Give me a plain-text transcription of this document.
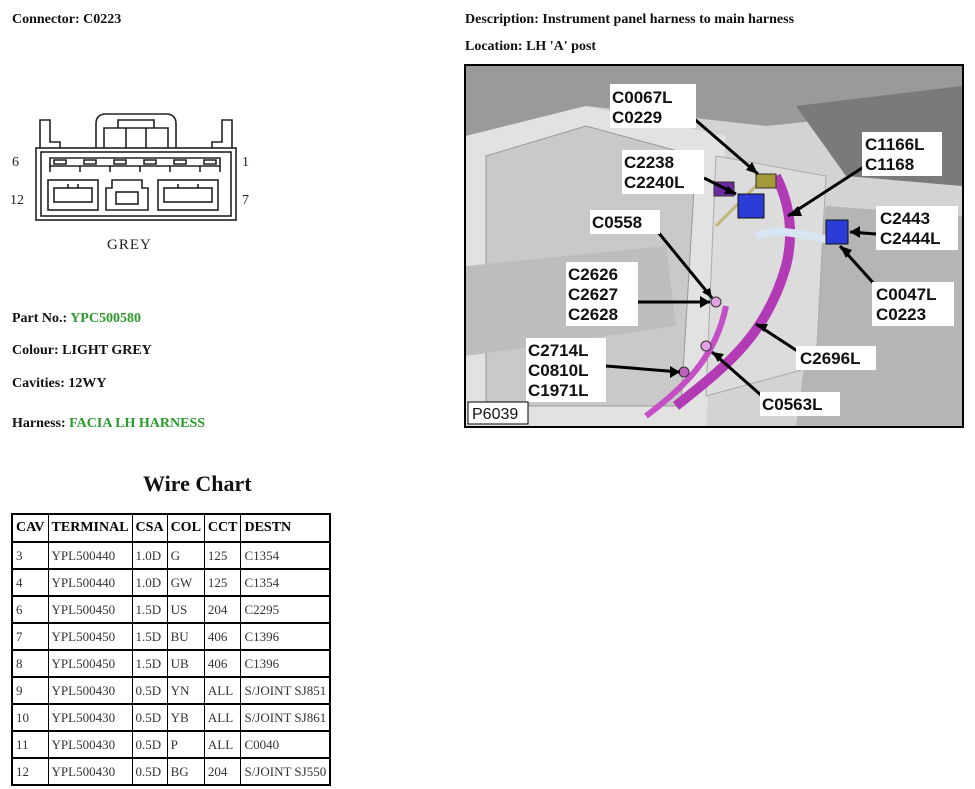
Connector: C0223	Description: Instrument panel harness to main harness
Location: LH 'A' post
6	1
12	7
GREY
Part No.: YPC500580
Colour: LIGHT GREY
Cavities: 12WY
Harness: FACIA LH HARNESS
C0067L
C0229
C1166L
C1168
C2238
C2240L
C0558	C2443
C2444L
C2626
C2627
C2628
C0047L
C0223
C2714L
C0810L
C1971L
C2696L
C0563L
P6039
Wire Chart
CAV	TERMINAL	CSA	COL	CCT	DESTN
3	YPL500440	1.0D	G	125	C1354
4	YPL500440	1.0D	GW	125	C1354
6	YPL500450	1.5D	US	204	C2295
7	YPL500450	1.5D	BU	406	C1396
8	YPL500450	1.5D	UB	406	C1396
9	YPL500430	0.5D	YN	ALL	S/JOINT SJ851
10	YPL500430	0.5D	YB	ALL	S/JOINT SJ861
11	YPL500430	0.5D	P	ALL	C0040
12	YPL500430	0.5D	BG	204	S/JOINT SJ550
